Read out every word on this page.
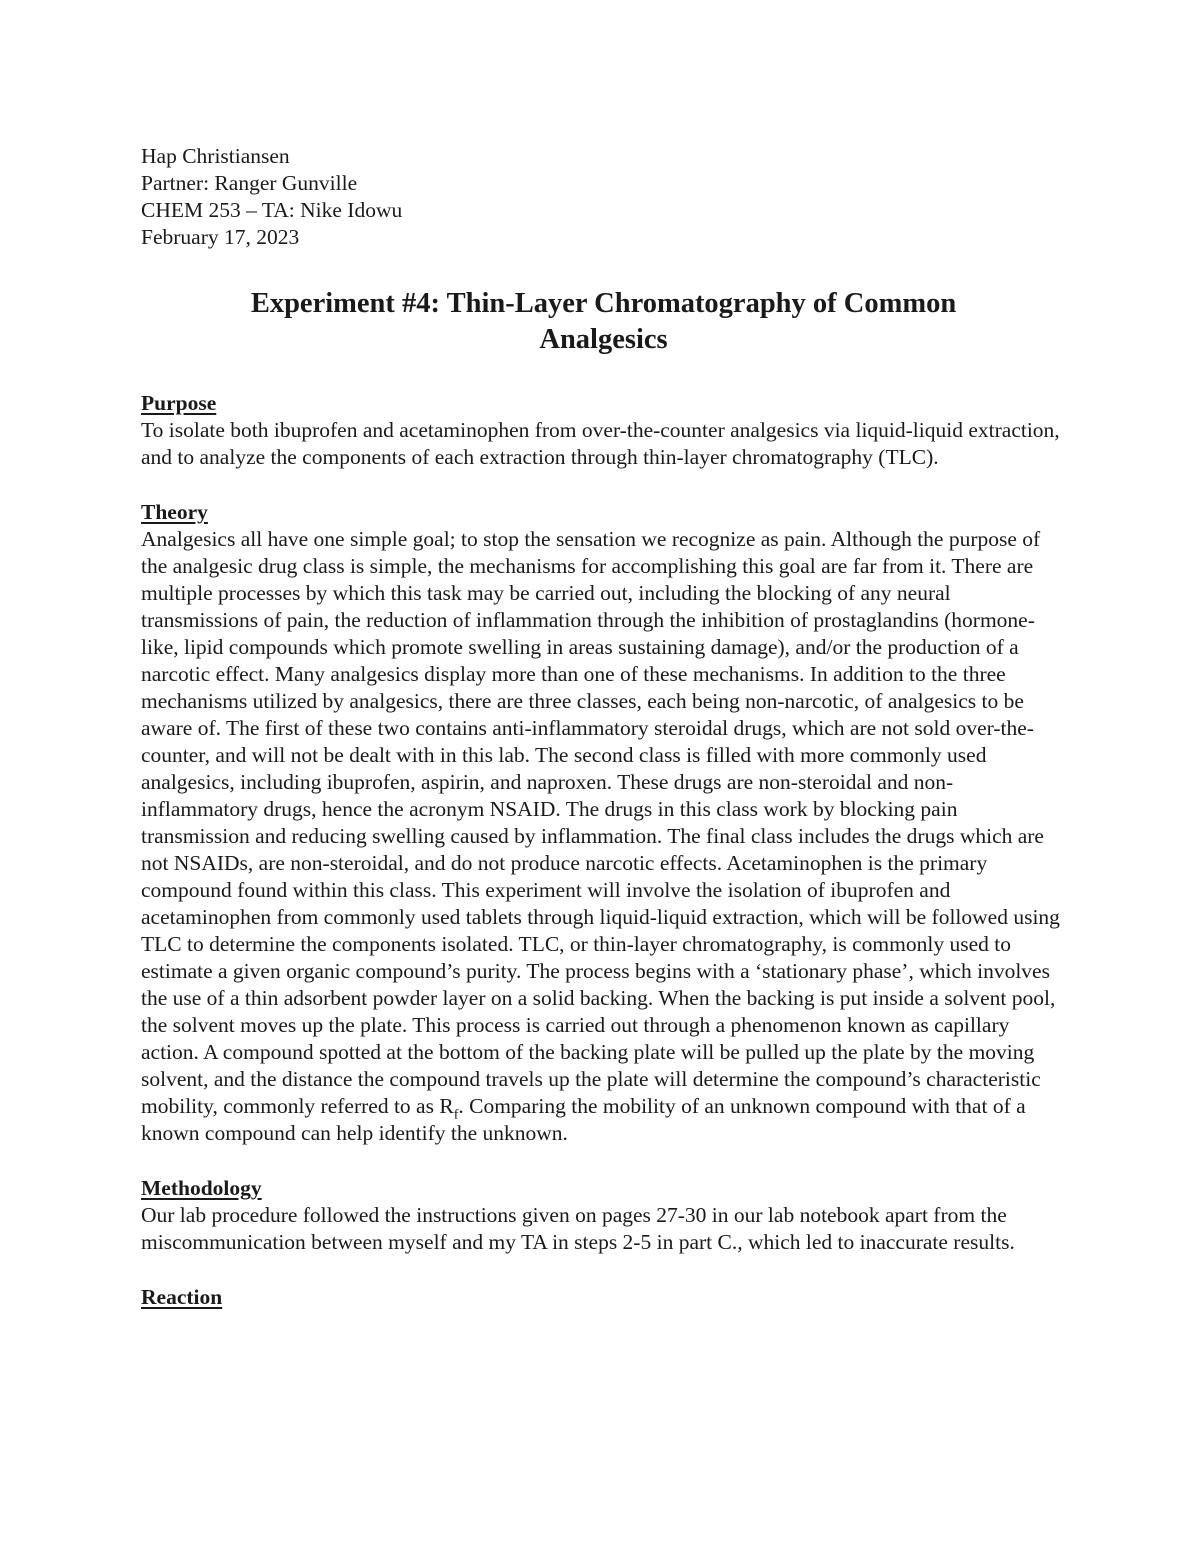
Hap Christiansen
Partner: Ranger Gunville
CHEM 253 – TA: Nike Idowu
February 17, 2023
Experiment #4: Thin-Layer Chromatography of Common
Analgesics
Purpose

To isolate both ibuprofen and acetaminophen from over-the-counter analgesics via liquid-liquid extraction, and to analyze the components of each extraction through thin-layer chromatography (TLC).

Theory

Analgesics all have one simple goal; to stop the sensation we recognize as pain. Although the purpose of the analgesic drug class is simple, the mechanisms for accomplishing this goal are far from it. There are multiple processes by which this task may be carried out, including the blocking of any neural transmissions of pain, the reduction of inflammation through the inhibition of prostaglandins (hormone-like, lipid compounds which promote swelling in areas sustaining damage), and/or the production of a narcotic effect. Many analgesics display more than one of these mechanisms. In addition to the three mechanisms utilized by analgesics, there are three classes, each being non-narcotic, of analgesics to be aware of. The first of these two contains anti-inflammatory steroidal drugs, which are not sold over-the-counter, and will not be dealt with in this lab. The second class is filled with more commonly used analgesics, including ibuprofen, aspirin, and naproxen. These drugs are non-steroidal and non-inflammatory drugs, hence the acronym NSAID. The drugs in this class work by blocking pain transmission and reducing swelling caused by inflammation. The final class includes the drugs which are not NSAIDs, are non-steroidal, and do not produce narcotic effects. Acetaminophen is the primary compound found within this class. This experiment will involve the isolation of ibuprofen and acetaminophen from commonly used tablets through liquid-liquid extraction, which will be followed using TLC to determine the components isolated. TLC, or thin-layer chromatography, is commonly used to estimate a given organic compound’s purity. The process begins with a ‘stationary phase’, which involves the use of a thin adsorbent powder layer on a solid backing. When the backing is put inside a solvent pool, the solvent moves up the plate. This process is carried out through a phenomenon known as capillary action. A compound spotted at the bottom of the backing plate will be pulled up the plate by the moving solvent, and the distance the compound travels up the plate will determine the compound’s characteristic mobility, commonly referred to as $R_f$. Comparing the mobility of an unknown compound with that of a known compound can help identify the unknown.

Methodology

Our lab procedure followed the instructions given on pages 27-30 in our lab notebook apart from the miscommunication between myself and my TA in steps 2-5 in part C., which led to inaccurate results.

Reaction
